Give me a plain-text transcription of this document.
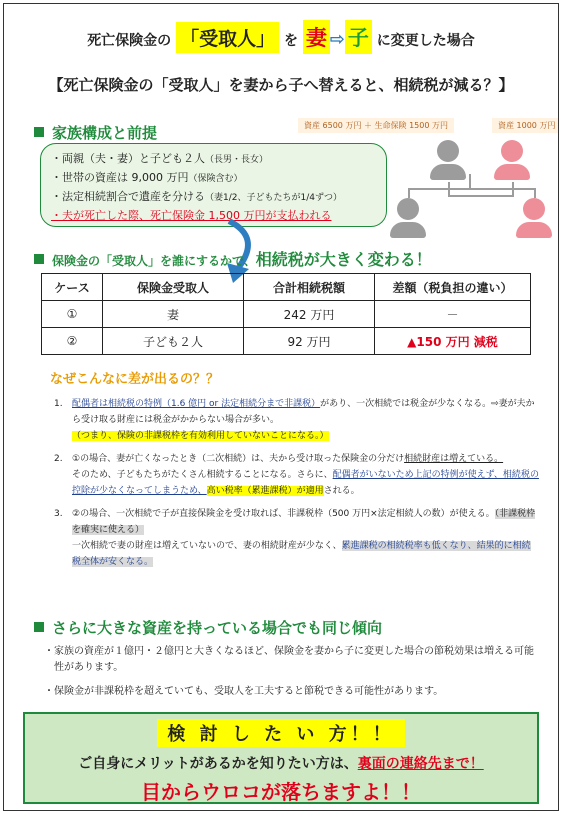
死亡保険金の 「受取人」 を 妻 ⇨ 子 に変更した場合
【死亡保険金の「受取人」を妻から子へ替えると、相続税が減る？】
家族構成と前提
・両親（夫・妻）と子ども２人（長男・長女）
・世帯の資産は 9,000 万円（保険含む）
・法定相続割合で遺産を分ける（妻1/2、子どもたちが1/4ずつ）
・夫が死亡した際、死亡保険金 1,500 万円が支払われる
資産 6500 万円 ＋ 生命保険 1500 万円	資産 1000 万円
保険金の「受取人」を誰にするかで、相続税が大きく変わる！
ケース	保険金受取人	合計相続税額	差額（税負担の違い）
①	妻	242 万円	－
②	子ども２人	92 万円	▲150 万円 減税
なぜこんなに差が出るの？？
1. 配偶者は相続税の特例（1.6 億円 or 法定相続分まで非課税）があり、一次相続では税金が少なくなる。⇨妻が夫から受け取る財産には税金がかからない場合が多い。
（つまり、保険の非課税枠を有効利用していないことになる。）
2. ①の場合、妻が亡くなったとき（二次相続）は、夫から受け取った保険金の分だけ相続財産は増えている。
そのため、子どもたちがたくさん相続することになる。さらに、配偶者がいないため上記の特例が使えず、相続税の控除が少なくなってしまうため、高い税率（累進課税）が適用される。
3. ②の場合、一次相続で子が直接保険金を受け取れば、非課税枠（500 万円×法定相続人の数）が使える。（非課税枠を確実に使える）
一次相続で妻の財産は増えていないので、妻の相続財産が少なく、累進課税の相続税率も低くなり、結果的に相続税全体が安くなる。
さらに大きな資産を持っている場合でも同じ傾向

・家族の資産が１億円・２億円と大きくなるほど、保険金を妻から子に変更した場合の節税効果は増える可能性があります。

・保険金が非課税枠を超えていても、受取人を工夫すると節税できる可能性があります。

検 討 し た い 方！！
ご自身にメリットがあるかを知りたい方は、裏面の連絡先まで！
目からウロコが落ちますよ！！
